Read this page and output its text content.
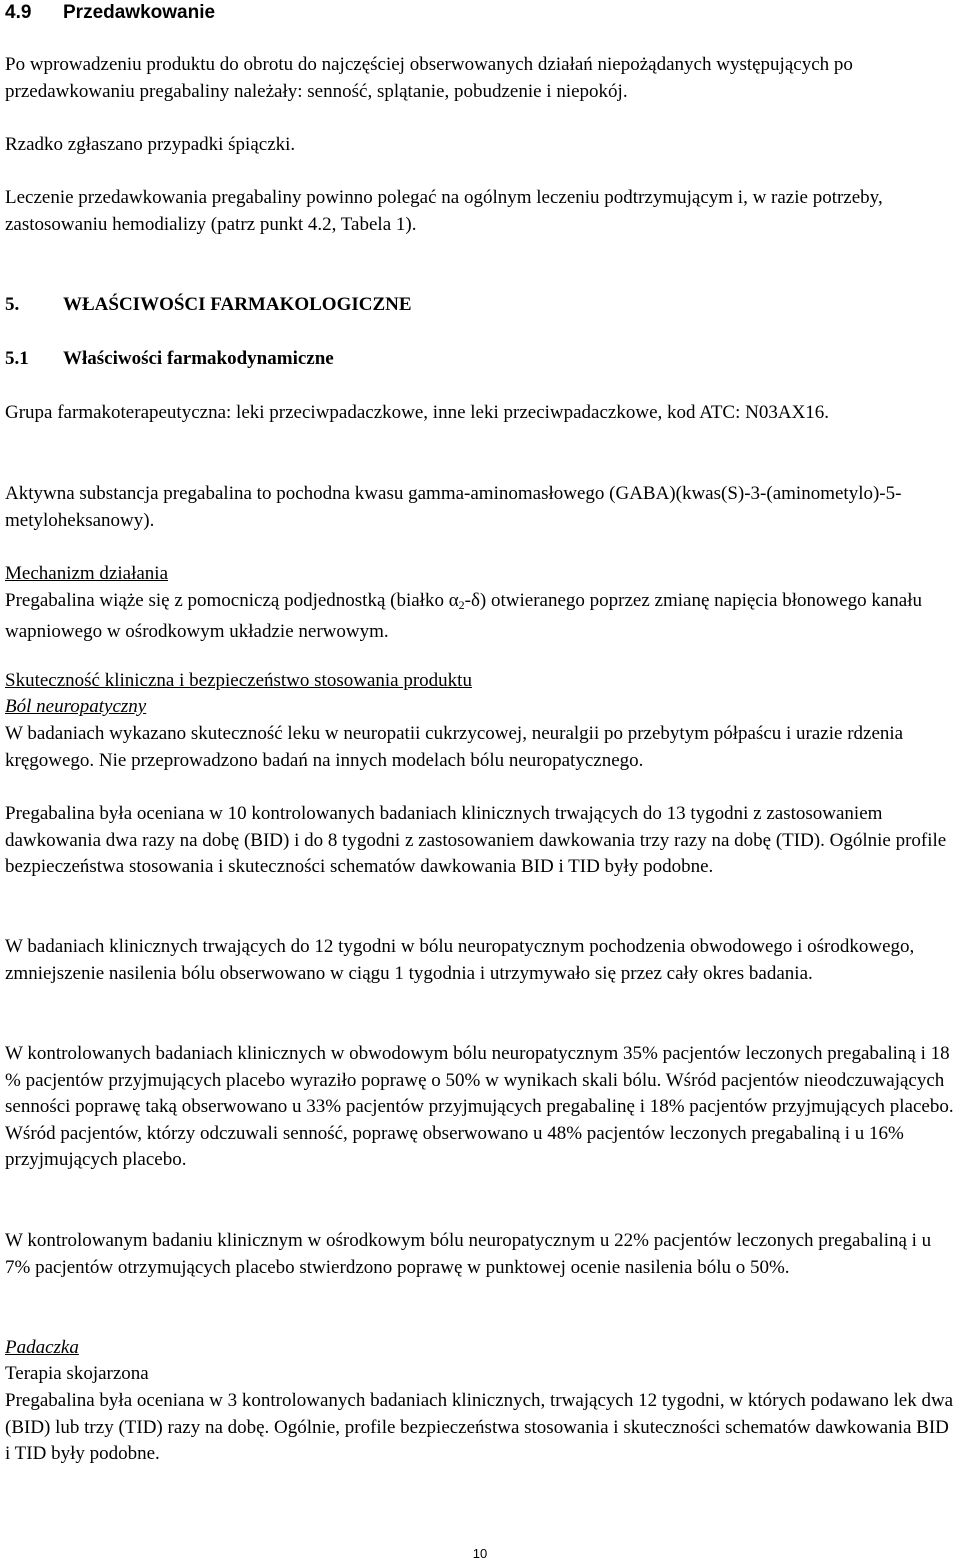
4.9 Przedawkowanie

Po wprowadzeniu produktu do obrotu do najczęściej obserwowanych działań niepożądanych występujących po przedawkowaniu pregabaliny należały: senność, splątanie, pobudzenie i niepokój.

Rzadko zgłaszano przypadki śpiączki.

Leczenie przedawkowania pregabaliny powinno polegać na ogólnym leczeniu podtrzymującym i, w razie potrzeby, zastosowaniu hemodializy (patrz punkt 4.2, Tabela 1).

5. WŁAŚCIWOŚCI FARMAKOLOGICZNE
5.1 Właściwości farmakodynamiczne

Grupa farmakoterapeutyczna: leki przeciwpadaczkowe, inne leki przeciwpadaczkowe, kod ATC: N03AX16.

Aktywna substancja pregabalina to pochodna kwasu gamma-aminomasłowego (GABA)(kwas(S)-3-(aminometylo)-5-metyloheksanowy).

Mechanizm działania

Pregabalina wiąże się z pomocniczą podjednostką (białko $\alpha_2-\delta$) otwieranego poprzez zmianę napięcia błonowego kanału wapniowego w ośrodkowym układzie nerwowym.

Skuteczność kliniczna i bezpieczeństwo stosowania produktu
Ból neuropatyczny

W badaniach wykazano skuteczność leku w neuropatii cukrzycowej, neuralgii po przebytym półpaścu i urazie rdzenia kręgowego. Nie przeprowadzono badań na innych modelach bólu neuropatycznego.

Pregabalina była oceniana w 10 kontrolowanych badaniach klinicznych trwających do 13 tygodni z zastosowaniem dawkowania dwa razy na dobę (BID) i do 8 tygodni z zastosowaniem dawkowania trzy razy na dobę (TID). Ogólnie profile bezpieczeństwa stosowania i skuteczności schematów dawkowania BID i TID były podobne.

W badaniach klinicznych trwających do 12 tygodni w bólu neuropatycznym pochodzenia obwodowego i ośrodkowego, zmniejszenie nasilenia bólu obserwowano w ciągu 1 tygodnia i utrzymywało się przez cały okres badania.

W kontrolowanych badaniach klinicznych w obwodowym bólu neuropatycznym 35% pacjentów leczonych pregabaliną i 18 % pacjentów przyjmujących placebo wyraziło poprawę o 50% w wynikach skali bólu. Wśród pacjentów nieodczuwających senności poprawę taką obserwowano u 33% pacjentów przyjmujących pregabalinę i 18% pacjentów przyjmujących placebo. Wśród pacjentów, którzy odczuwali senność, poprawę obserwowano u 48% pacjentów leczonych pregabaliną i u 16% przyjmujących placebo.

W kontrolowanym badaniu klinicznym w ośrodkowym bólu neuropatycznym u 22% pacjentów leczonych pregabaliną i u 7% pacjentów otrzymujących placebo stwierdzono poprawę w punktowej ocenie nasilenia bólu o 50%.

Padaczka
Terapia skojarzona

Pregabalina była oceniana w 3 kontrolowanych badaniach klinicznych, trwających 12 tygodni, w których podawano lek dwa (BID) lub trzy (TID) razy na dobę. Ogólnie, profile bezpieczeństwa stosowania i skuteczności schematów dawkowania BID i TID były podobne.

10
